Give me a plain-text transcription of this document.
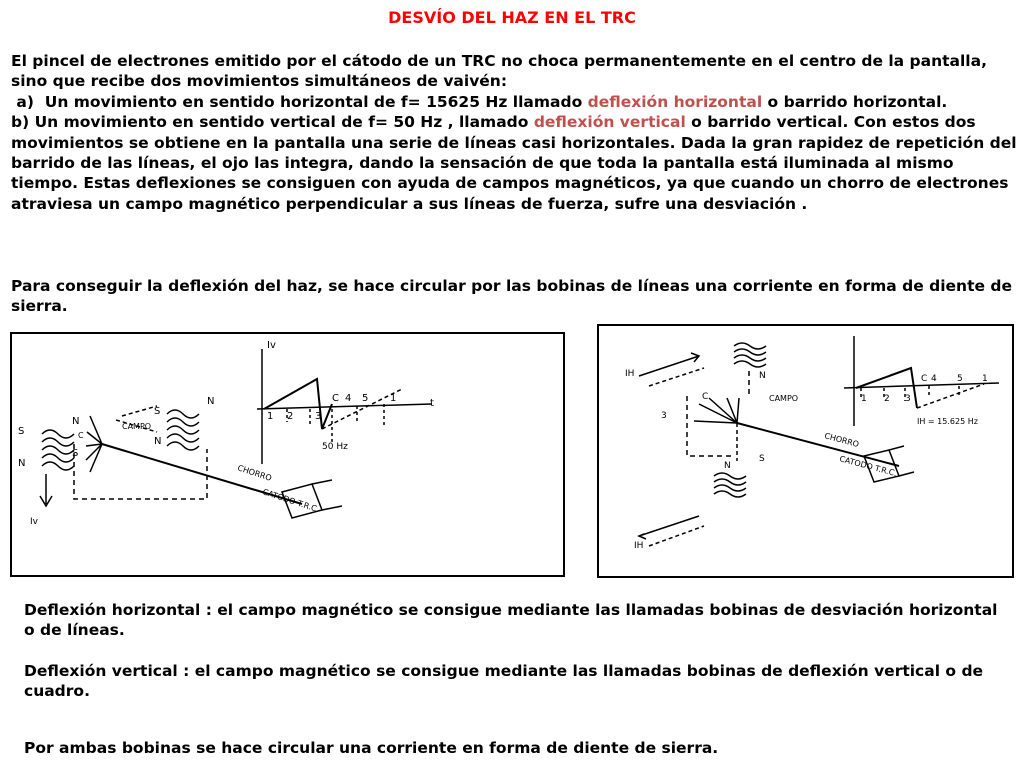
DESVÍO DEL HAZ EN EL TRC
El pincel de electrones emitido por el cátodo de un TRC no choca permanentemente en el centro de la pantalla, sino que recibe dos movimientos simultáneos de vaivén:
a)  Un movimiento en sentido horizontal de f= 15625 Hz llamado deflexión horizontal o barrido horizontal.
b) Un movimiento en sentido vertical de f= 50 Hz , llamado deflexión vertical o barrido vertical. Con estos dos movimientos se obtiene en la pantalla una serie de líneas casi horizontales. Dada la gran rapidez de repetición del barrido de las líneas, el ojo las integra, dando la sensación de que toda la pantalla está iluminada al mismo tiempo. Estas deflexiones se consiguen con ayuda de campos magnéticos, ya que cuando un chorro de electrones atraviesa un campo magnético perpendicular a sus líneas de fuerza, sufre una desviación .
Para conseguir la deflexión del haz, se hace circular por las bobinas de líneas una corriente en forma de diente de sierra.
S
N
N
S
N
S
N
CAMPO
CHORRO
CATODO T.R.C.
Iv
t
1 2 3
C 4 5 1
50 Hz
Iv
C
IH	N
N
S
CAMPO
CHORRO
CATODO T.R.C.
1 2 3
C 4 5 1
IH = 15.625 Hz
IH
3
C
Deflexión horizontal : el campo magnético se consigue mediante las llamadas bobinas de desviación horizontal o de líneas.
Deflexión vertical : el campo magnético se consigue mediante las llamadas bobinas de deflexión vertical o de cuadro.
Por ambas bobinas se hace circular una corriente en forma de diente de sierra.
